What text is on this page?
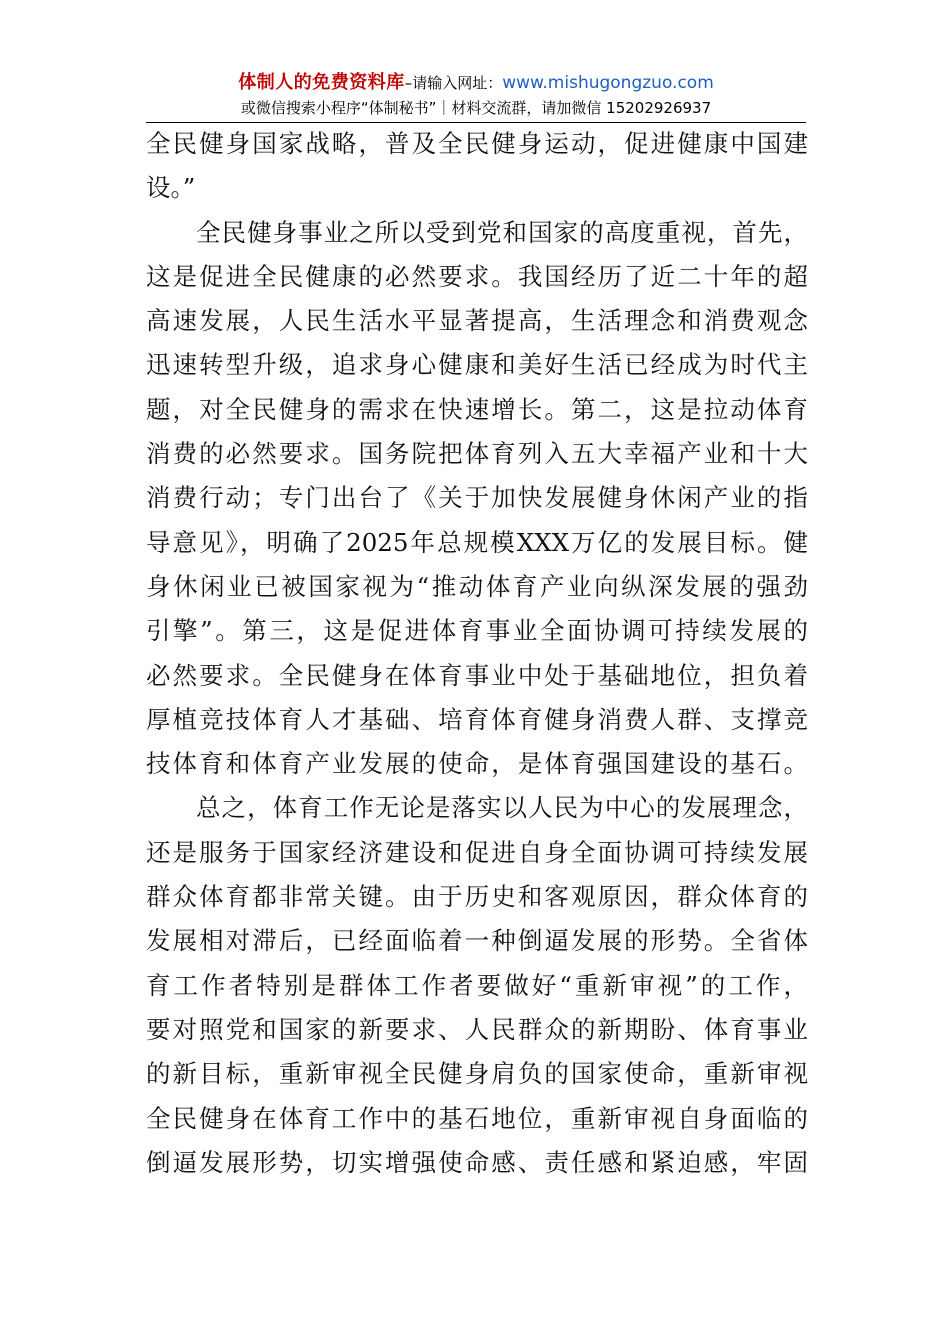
体制人的免费资料库–请输入网址：www.mishugongzuo.com
或微信搜索小程序“体制秘书”｜材料交流群，请加微信 15202926937
全民健身国家战略，普及全民健身运动，促进健康中国建
设。”
全民健身事业之所以受到党和国家的高度重视，首先，
这是促进全民健康的必然要求。我国经历了近二十年的超
高速发展，人民生活水平显著提高，生活理念和消费观念
迅速转型升级，追求身心健康和美好生活已经成为时代主
题，对全民健身的需求在快速增长。第二，这是拉动体育
消费的必然要求。国务院把体育列入五大幸福产业和十大
消费行动；专门出台了《关于加快发展健身休闲产业的指
导意见》，明确了2025年总规模XXX万亿的发展目标。健
身休闲业已被国家视为“推动体育产业向纵深发展的强劲
引擎”。第三，这是促进体育事业全面协调可持续发展的
必然要求。全民健身在体育事业中处于基础地位，担负着
厚植竞技体育人才基础、培育体育健身消费人群、支撑竞
技体育和体育产业发展的使命，是体育强国建设的基石。
总之，体育工作无论是落实以人民为中心的发展理念，
还是服务于国家经济建设和促进自身全面协调可持续发展
群众体育都非常关键。由于历史和客观原因，群众体育的
发展相对滞后，已经面临着一种倒逼发展的形势。全省体
育工作者特别是群体工作者要做好“重新审视”的工作，
要对照党和国家的新要求、人民群众的新期盼、体育事业
的新目标，重新审视全民健身肩负的国家使命，重新审视
全民健身在体育工作中的基石地位，重新审视自身面临的
倒逼发展形势，切实增强使命感、责任感和紧迫感，牢固
